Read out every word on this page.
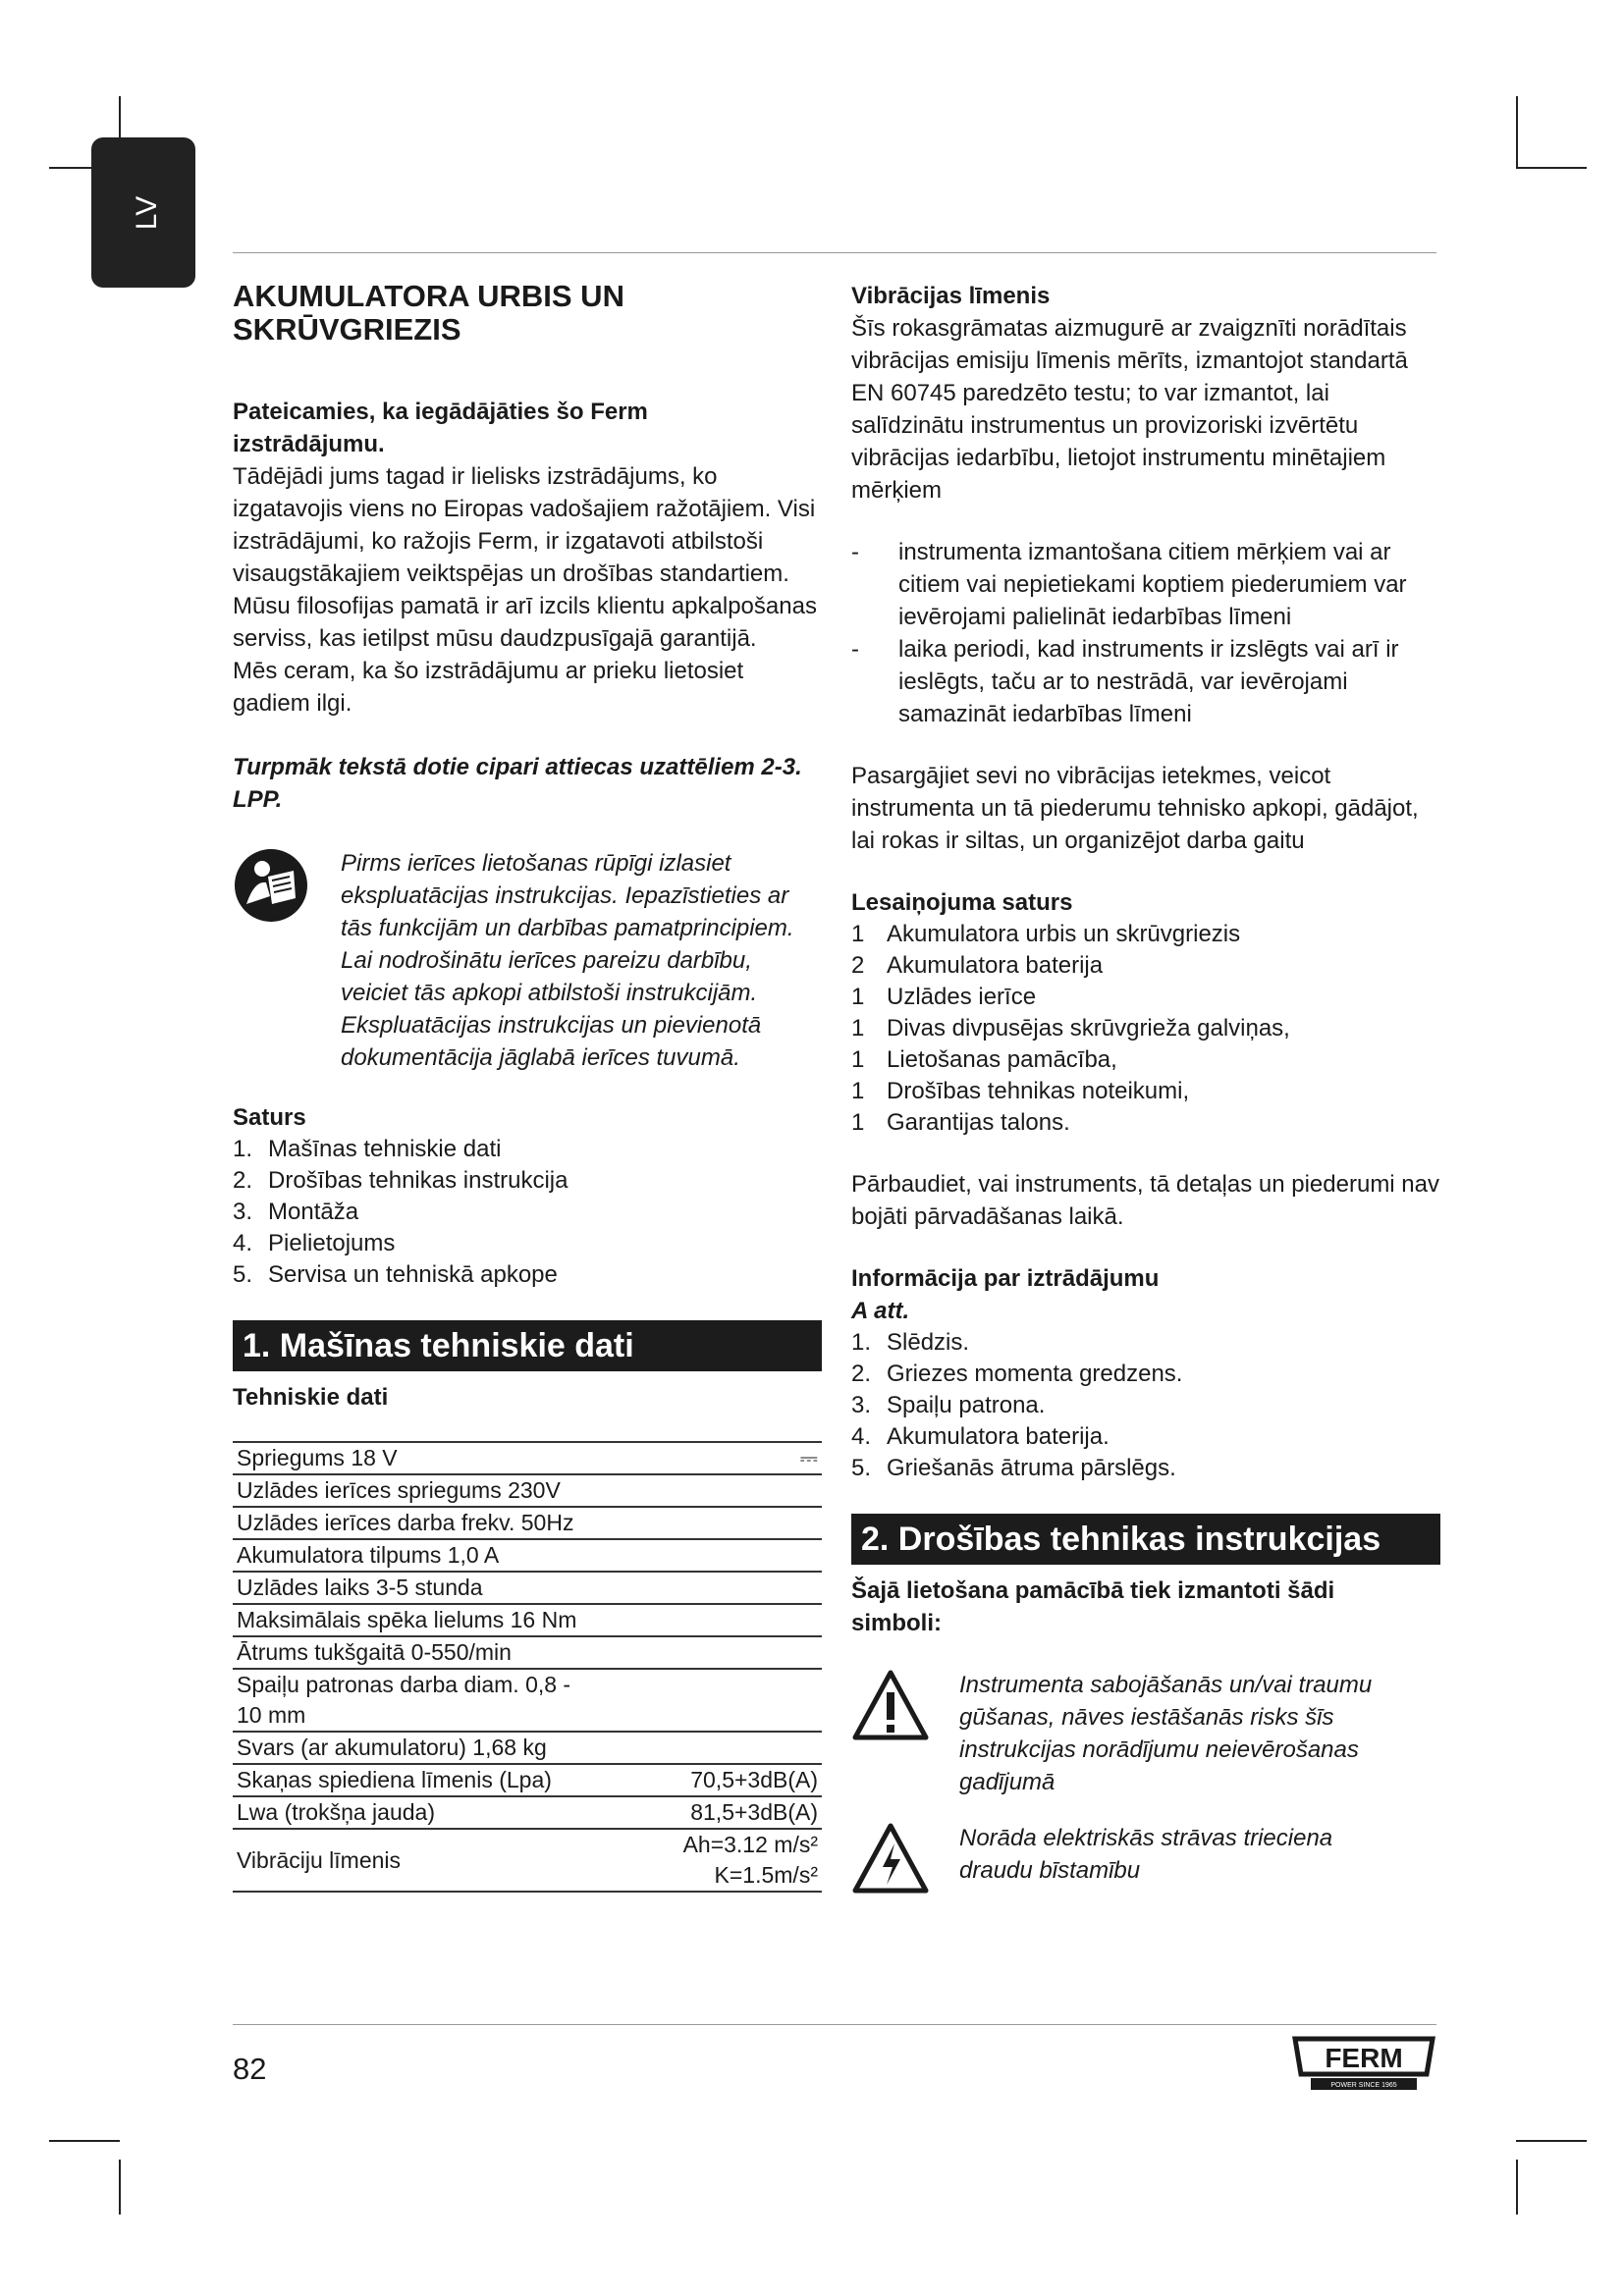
LV
AKUMULATORA URBIS UN SKRŪVGRIEZIS

Pateicamies, ka iegādājāties šo Ferm izstrādājumu.

Tādējādi jums tagad ir lielisks izstrādājums, ko izgatavojis viens no Eiropas vadošajiem ražotājiem. Visi izstrādājumi, ko ražojis Ferm, ir izgatavoti atbilstoši visaugstākajiem veiktspējas un drošības standartiem. Mūsu filosofijas pamatā ir arī izcils klientu apkalpošanas serviss, kas ietilpst mūsu daudzpusīgajā garantijā.

Mēs ceram, ka šo izstrādājumu ar prieku lietosiet gadiem ilgi.

Turpmāk tekstā dotie cipari attiecas uzattēliem 2-3. LPP.

Pirms ierīces lietošanas rūpīgi izlasiet ekspluatācijas instrukcijas. Iepazīstieties ar tās funkcijām un darbības pamatprincipiem. Lai nodrošinātu ierīces pareizu darbību, veiciet tās apkopi atbilstoši instrukcijām. Ekspluatācijas instrukcijas un pievienotā dokumentācija jāglabā ierīces tuvumā.

Saturs
1. Mašīnas tehniskie dati
2. Drošības tehnikas instrukcija
3. Montāža
4. Pielietojums
5. Servisa un tehniskā apkope
1. Mašīnas tehniskie dati
Tehniskie dati
Spriegums 18 V	⎓
Uzlādes ierīces spriegums 230V	
Uzlādes ierīces darba frekv. 50Hz	
Akumulatora tilpums 1,0 A	
Uzlādes laiks 3-5 stunda	
Maksimālais spēka lielums 16 Nm	
Ātrums tukšgaitā 0-550/min	
Spaiļu patronas darba diam. 0,8 - 10 mm	
Svars (ar akumulatoru) 1,68 kg	
Skaņas spiediena līmenis (Lpa)	70,5+3dB(A)
Lwa (trokšņa jauda)	81,5+3dB(A)
Vibrāciju līmenis	Ah=3.12 m/s² K=1.5m/s²
Vibrācijas līmenis

Šīs rokasgrāmatas aizmugurē ar zvaigznīti norādītais vibrācijas emisiju līmenis mērīts, izmantojot standartā EN 60745 paredzēto testu; to var izmantot, lai salīdzinātu instrumentus un provizoriski izvērtētu

vibrācijas iedarbību, lietojot instrumentu minētajiem mērķiem

-	instrumenta izmantošana citiem mērķiem vai ar citiem vai nepietiekami koptiem piederumiem var ievērojami palielināt iedarbības līmeni
-	laika periodi, kad instruments ir izslēgts vai arī ir ieslēgts, taču ar to nestrādā, var ievērojami samazināt iedarbības līmeni

Pasargājiet sevi no vibrācijas ietekmes, veicot instrumenta un tā piederumu tehnisko apkopi, gādājot, lai rokas ir siltas, un organizējot darba gaitu

Lesaiņojuma saturs
1 Akumulatora urbis un skrūvgriezis
2 Akumulatora baterija
1 Uzlādes ierīce
1 Divas divpusējas skrūvgrieža galviņas,
1 Lietošanas pamācība,
1 Drošības tehnikas noteikumi,
1 Garantijas talons.

Pārbaudiet, vai instruments, tā detaļas un piederumi nav bojāti pārvadāšanas laikā.

Informācija par iztrādājumu

A att.

1. Slēdzis.
2. Griezes momenta gredzens.
3. Spaiļu patrona.
4. Akumulatora baterija.
5. Griešanās ātruma pārslēgs.
2. Drošības tehnikas instrukcijas

Šajā lietošana pamācībā tiek izmantoti šādi simboli:

Instrumenta sabojāšanās un/vai traumu gūšanas, nāves iestāšanās risks šīs instrukcijas norādījumu neievērošanas gadījumā

Norāda elektriskās strāvas trieciena draudu bīstamību

82	FERM
POWER SINCE 1965
